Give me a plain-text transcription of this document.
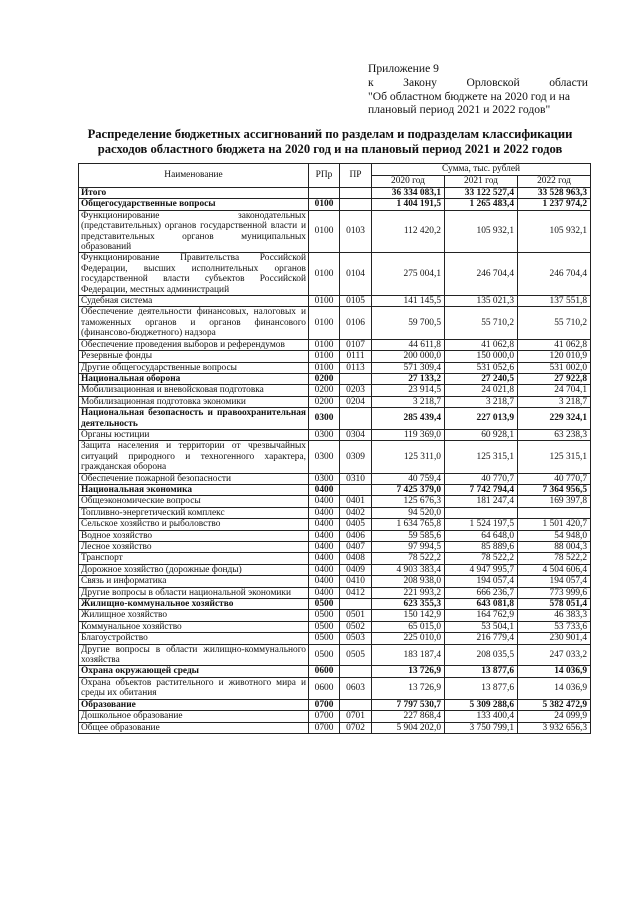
Приложение 9
к	Закону	Орловской	области
"Об областном бюджете на 2020 год и на
плановый период 2021 и 2022 годов"
Распределение бюджетных ассигнований по разделам и подразделам классификации
расходов областного бюджета на 2020 год и на плановый период 2021 и 2022 годов
Наименование	РПр	ПР	Сумма, тыс. рублей		
			2020 год	2021 год	2022 год
Итого			36 334 083,1	33 122 527,4	33 528 963,3
Общегосударственные вопросы	0100		1 404 191,5	1 265 483,4	1 237 974,2
Функционирование законодательных (представительных) органов государственной власти и представительных органов муниципальных образований	0100	0103	112 420,2	105 932,1	105 932,1
Функционирование Правительства Российской Федерации, высших исполнительных органов государственной власти субъектов Российской Федерации, местных администраций	0100	0104	275 004,1	246 704,4	246 704,4
Судебная система	0100	0105	141 145,5	135 021,3	137 551,8
Обеспечение деятельности финансовых, налоговых и таможенных органов и органов финансового (финансово-бюджетного) надзора	0100	0106	59 700,5	55 710,2	55 710,2
Обеспечение проведения выборов и референдумов	0100	0107	44 611,8	41 062,8	41 062,8
Резервные фонды	0100	0111	200 000,0	150 000,0	120 010,9
Другие общегосударственные вопросы	0100	0113	571 309,4	531 052,6	531 002,0
Национальная оборона	0200		27 133,2	27 240,5	27 922,8
Мобилизационная и вневойсковая подготовка	0200	0203	23 914,5	24 021,8	24 704,1
Мобилизационная подготовка экономики	0200	0204	3 218,7	3 218,7	3 218,7
Национальная безопасность и правоохранительная деятельность	0300		285 439,4	227 013,9	229 324,1
Органы юстиции	0300	0304	119 369,0	60 928,1	63 238,3
Защита населения и территории от чрезвычайных ситуаций природного и техногенного характера, гражданская оборона	0300	0309	125 311,0	125 315,1	125 315,1
Обеспечение пожарной безопасности	0300	0310	40 759,4	40 770,7	40 770,7
Национальная экономика	0400		7 425 379,0	7 742 794,4	7 364 956,5
Общеэкономические вопросы	0400	0401	125 676,3	181 247,4	169 397,8
Топливно-энергетический комплекс	0400	0402	94 520,0		
Сельское хозяйство и рыболовство	0400	0405	1 634 765,8	1 524 197,5	1 501 420,7
Водное хозяйство	0400	0406	59 585,6	64 648,0	54 948,0
Лесное хозяйство	0400	0407	97 994,5	85 889,6	88 004,3
Транспорт	0400	0408	78 522,2	78 522,2	78 522,2
Дорожное хозяйство (дорожные фонды)	0400	0409	4 903 383,4	4 947 995,7	4 504 606,4
Связь и информатика	0400	0410	208 938,0	194 057,4	194 057,4
Другие вопросы в области национальной экономики	0400	0412	221 993,2	666 236,7	773 999,6
Жилищно-коммунальное хозяйство	0500		623 355,3	643 081,8	578 051,4
Жилищное хозяйство	0500	0501	150 142,9	164 762,9	46 383,3
Коммунальное хозяйство	0500	0502	65 015,0	53 504,1	53 733,6
Благоустройство	0500	0503	225 010,0	216 779,4	230 901,4
Другие вопросы в области жилищно-коммунального хозяйства	0500	0505	183 187,4	208 035,5	247 033,2
Охрана окружающей среды	0600		13 726,9	13 877,6	14 036,9
Охрана объектов растительного и животного мира и среды их обитания	0600	0603	13 726,9	13 877,6	14 036,9
Образование	0700		7 797 530,7	5 309 288,6	5 382 472,9
Дошкольное образование	0700	0701	227 868,4	133 400,4	24 099,9
Общее образование	0700	0702	5 904 202,0	3 750 799,1	3 932 656,3
